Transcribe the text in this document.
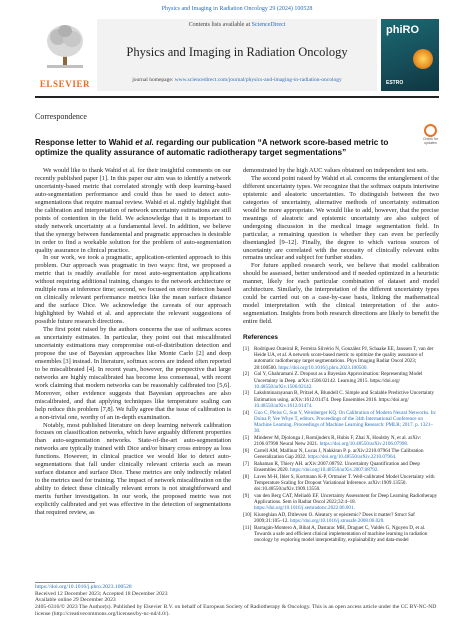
Physics and Imaging in Radiation Oncology 29 (2024) 100528
ELSEVIER
Contents lists available at ScienceDirect
Physics and Imaging in Radiation Oncology
journal homepage: www.sciencedirect.com/journal/physics-and-imaging-in-radiation-oncology
phiRO
ESTRO
Correspondence
Check for updates
Response letter to Wahid et al. regarding our publication “A network score-based metric to optimize the quality assurance of automatic radiotherapy target segmentations”

We would like to thank Wahid et al. for their insightful comments on our recently published paper [1]. In this paper our aim was to identify a network uncertainty-based metric that correlated strongly with deep learning-based auto-segmentation performance and could thus be used to detect auto-segmentations that require manual review. Wahid et al. rightly highlight that the calibration and interpretation of network uncertainty estimations are still points of contention in the field. We acknowledge that it is important to study network uncertainty at a fundamental level. In addition, we believe that the synergy between fundamental and pragmatic approaches is desirable in order to find a workable solution for the problem of auto-segmentation quality assurance in clinical practice.

In our work, we took a pragmatic, application-oriented approach to this problem. Our approach was pragmatic in two ways: first, we proposed a metric that is readily available for most auto-segmentation applications without requiring additional training, changes to the network architecture or multiple runs at inference time; second, we focused on error detection based on clinically relevant performance metrics like the mean surface distance and the surface Dice. We acknowledge the caveats of our approach highlighted by Wahid et al. and appreciate the relevant suggestions of possible future research directions.

The first point raised by the authors concerns the use of softmax scores as uncertainty estimates. In particular, they point out that miscalibrated uncertainty estimations may compromise out-of-distribution detection and propose the use of Bayesian approaches like Monte Carlo [2] and deep ensembles [3] instead. In literature, softmax scores are indeed often reported to be miscalibrated [4]. In recent years, however, the perspective that large networks are highly miscalibrated has become less consensual, with recent work claiming that modern networks can be reasonably calibrated too [5,6]. Moreover, other evidence suggests that Bayesian approaches are also miscalibrated, and that applying techniques like temperature scaling can help reduce this problem [7,8]. We fully agree that the issue of calibration is a non-trivial one, worthy of an in-depth examination.

Notably, most published literature on deep learning network calibration focuses on classification networks, which have arguably different properties than auto-segmentation networks. State-of-the-art auto-segmentation networks are typically trained with Dice and/or binary cross entropy as loss functions. However, in clinical practice we would like to detect auto-segmentations that fall under clinically relevant criteria such as mean surface distance and surface Dice. These metrics are only indirectly related to the metrics used for training. The impact of network miscalibration on the ability to detect these clinically relevant errors is not straightforward and merits further investigation. In our work, the proposed metric was not explicitly calibrated and yet was effective in the detection of segmentations that required review, as

demonstrated by the high AUC values obtained on independent test sets.

The second point raised by Wahid et al. concerns the entanglement of the different uncertainty types. We recognize that the softmax outputs intertwine epistemic and aleatoric uncertainties. To distinguish between the two categories of uncertainty, alternative methods of uncertainty estimation would be more appropriate. We would like to add, however, that the precise meanings of aleatoric and epistemic uncertainty are also subject of undergoing discussion in the medical image segmentation field. In particular, a remaining question is whether they can even be perfectly disentangled [9–12]. Finally, the degree to which various sources of uncertainty are correlated with the necessity of clinically relevant edits remains unclear and subject for further studies.

For future applied research work, we believe that model calibration should be assessed, better understood and if needed optimized in a heuristic manner, likely for each particular combination of dataset and model architecture. Similarly, the interpretation of the different uncertainty types could be carried out on a case-by-case basis, linking the mathematical model interpretation with the clinical interpretation of the auto-segmentation. Insights from both research directions are likely to benefit the entire field.

References
[1] Rodríguez Outeiral R, Ferreira Silvério N, González PJ, Schaake EE, Janssen T, van der Heide UA, et al. A network score-based metric to optimize the quality assurance of automatic radiotherapy target segmentations. Phys Imaging Radiat Oncol 2023; 28:100500. https://doi.org/10.1016/j.phro.2023.100500.
[2] Gal Y, Ghahramani Z. Dropout as a Bayesian Approximation: Representing Model Uncertainty in Deep. arXiv:1506.02142. Learning 2015. https://doi.org/ 10.48550/arXiv.1506.02142.
[3] Lakshminarayanan B, Pritzel A, Blundell C. Simple and Scalable Predictive Uncertainty Estimation using. arXiv:1612.01474. Deep Ensembles 2016. https://doi.org/ 10.48550/arXiv.1612.01474.
[4] Guo C, Pleiss G, Sun Y, Weinberger KQ. On Calibration of Modern Neural Networks. In: Doina P, Yee Whye T, editors. Proceedings of the 34th International Conference on Machine Learning. Proceedings of Machine Learning Research: PMLR; 2017. p. 1321–30.
[5] Minderer M, Djolonga J, Romijnders R, Hubis F, Zhai X, Houlsby N, et al. arXiv: 2106.07998 Neural Netw 2021. https://doi.org/10.48550/arXiv.2106.07998.
[6] Carrell AM, Mallinar N, Lucas J, Nakkiran P. p. arXiv:2210.07964 The Calibration Generalization Gap 2022. https://doi.org/10.48550/arXiv.2210.07964.
[7] Rahaman R, Thiery AH. arXiv:2007.08792. Uncertainty Quantification and Deep Ensembles 2020. https://doi.org/10.48550/arXiv.2007.08792.
[8] Laves M-H, Ihler S, Kortmann K-P, Ortmaier T. Well-calibrated Model Uncertainty with Temperature Scaling for Dropout Variational Inference. arXiv:1909.13550. doi:10.48550/arXiv.1909.13550.
[9] van den Berg CAT, Meliadò EF. Uncertainty Assessment for Deep Learning Radiotherapy Applications. Sem in Radiat Oncol 2022;32:4–18. https://doi.org/10.1016/j.semradonc.2022.06.001.
[10] Kiureghian AD, Ditlevsen O. Aleatory or epistemic? Does it matter? Struct Saf 2009;31:105–12. https://doi.org/10.1016/j.strusafe.2008.06.020.
[11] Barragán-Montero A, Bibal A, Dastarac MH, Draguet C, Valdés G, Nguyen D, et al. Towards a safe and efficient clinical implementation of machine learning in radiation oncology by exploring model interpretability, explainability and data-model
https://doi.org/10.1016/j.phro.2023.100528
Received 12 December 2023; Accepted 18 December 2023
Available online 29 December 2023
2405-6316/© 2023 The Author(s). Published by Elsevier B.V. on behalf of European Society of Radiotherapy & Oncology. This is an open access article under the CC BY-NC-ND license (http://creativecommons.org/licenses/by-nc-nd/4.0/).
